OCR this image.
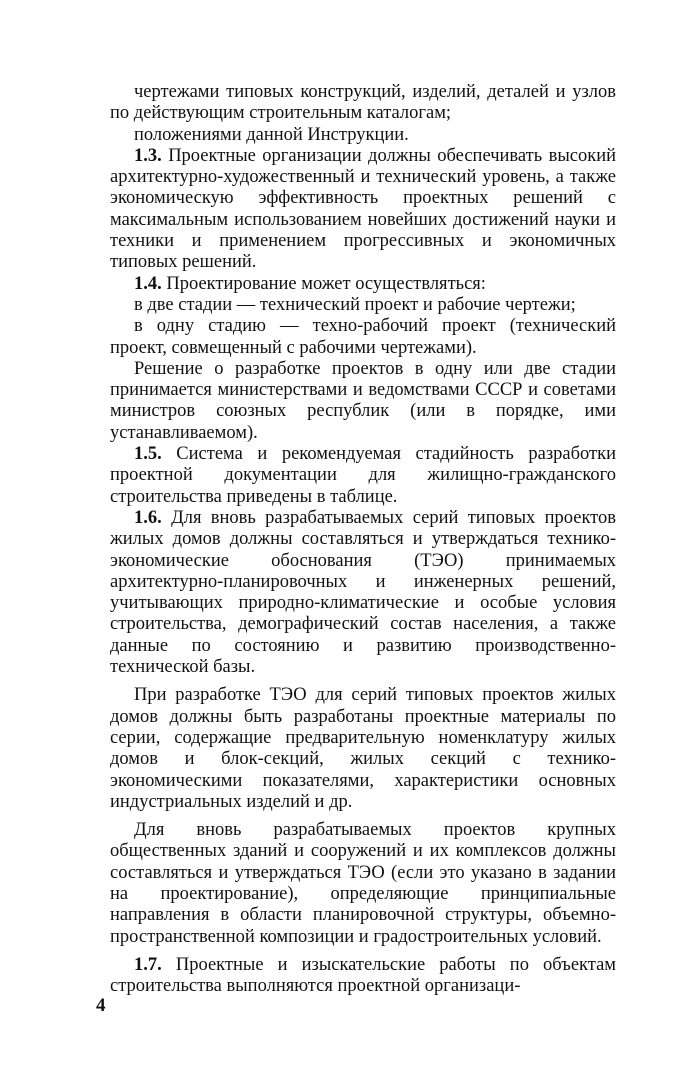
чертежами типовых конструкций, изделий, деталей и узлов по действующим строительным каталогам;

положениями данной Инструкции.

1.3. Проектные организации должны обеспечивать высокий архитектурно-художественный и технический уровень, а также экономическую эффективность проектных решений с максимальным использованием новейших достижений науки и техники и применением прогрессивных и экономичных типовых решений.

1.4. Проектирование может осуществляться:

в две стадии — технический проект и рабочие чертежи;

в одну стадию — техно-рабочий проект (технический проект, совмещенный с рабочими чертежами).

Решение о разработке проектов в одну или две стадии принимается министерствами и ведомствами СССР и советами министров союзных республик (или в порядке, ими устанавливаемом).

1.5. Система и рекомендуемая стадийность разработки проектной документации для жилищно-гражданского строительства приведены в таблице.

1.6. Для вновь разрабатываемых серий типовых проектов жилых домов должны составляться и утверждаться технико-экономические обоснования (ТЭО) принимаемых архитектурно-планировочных и инженерных решений, учитывающих природно-климатические и особые условия строительства, демографический состав населения, а также данные по состоянию и развитию производственно-технической базы.

При разработке ТЭО для серий типовых проектов жилых домов должны быть разработаны проектные материалы по серии, содержащие предварительную номенклатуру жилых домов и блок-секций, жилых секций с технико-экономическими показателями, характеристики основных индустриальных изделий и др.

Для вновь разрабатываемых проектов крупных общественных зданий и сооружений и их комплексов должны составляться и утверждаться ТЭО (если это указано в задании на проектирование), определяющие принципиальные направления в области планировочной структуры, объемно-пространственной композиции и градостроительных условий.

1.7. Проектные и изыскательские работы по объектам строительства выполняются проектной организаци-

4
